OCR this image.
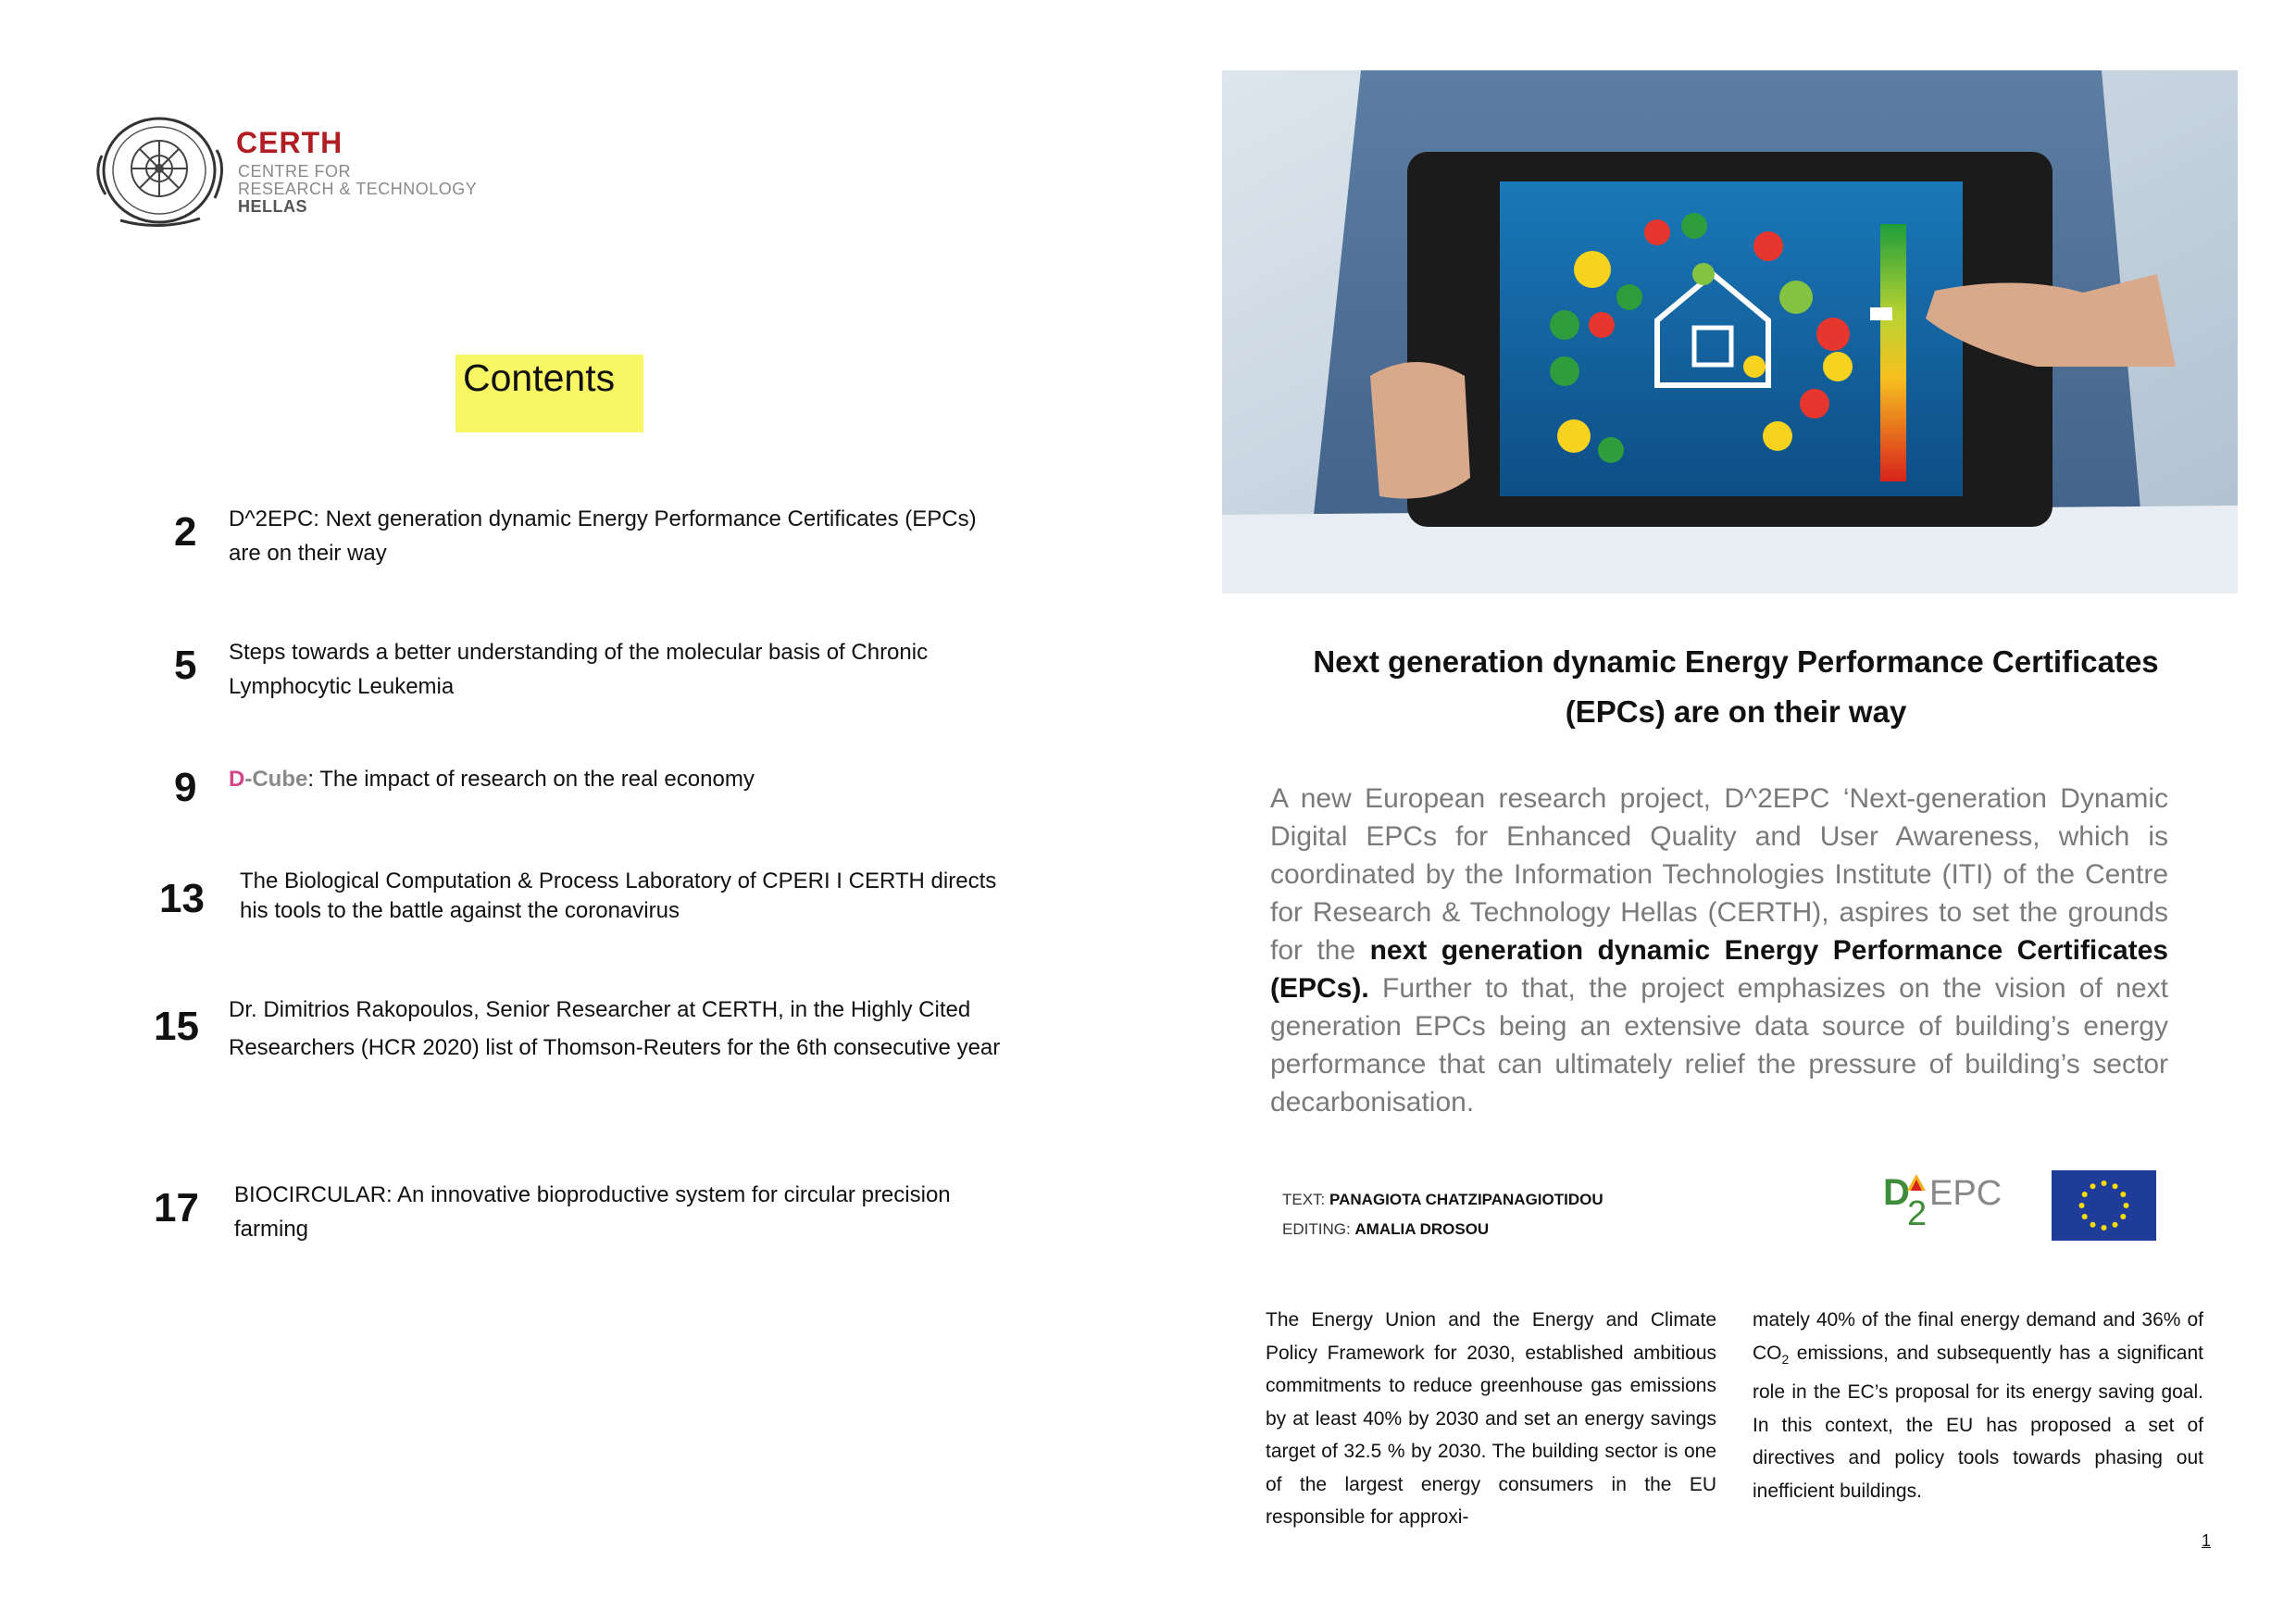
CERTH
CENTRE FOR
RESEARCH & TECHNOLOGY
HELLAS
Contents
2 D^2EPC: Next generation dynamic Energy Performance Certificates (EPCs) are on their way
5 Steps towards a better understanding of the molecular basis of Chronic Lymphocytic Leukemia
9 D-Cube: The impact of research on the real economy
13 The Biological Computation & Process Laboratory of CPERI I CERTH directs his tools to the battle against the coronavirus
15 Dr. Dimitrios Rakopoulos, Senior Researcher at CERTH, in the Highly Cited Researchers (HCR 2020) list of Thomson-Reuters for the 6th consecutive year
17 BIOCIRCULAR: An innovative bioproductive system for circular precision farming
Next generation dynamic Energy Performance Certificates
(EPCs) are on their way
A new European research project, D^2EPC ‘Next-generation Dynamic Digital EPCs for Enhanced Quality and User Awareness, which is coordinated by the Information Technologies Institute (ITI) of the Centre for Research & Technology Hellas (CERTH), aspires to set the grounds for the next generation dynamic Energy Performance Certificates (EPCs). Further to that, the project emphasizes on the vision of next generation EPCs being an extensive data source of building’s energy performance that can ultimately relief the pressure of building’s sector decarbonisation.
TEXT: PANAGIOTA CHATZIPANAGIOTIDOU
EDITING: AMALIA DROSOU
D
2
EPC
The Energy Union and the Energy and Climate Policy Framework for 2030, established ambitious commitments to reduce greenhouse gas emissions by at least 40% by 2030 and set an energy savings target of 32.5 % by 2030. The building sector is one of the largest energy consumers in the EU responsible for approxi-
mately 40% of the final energy demand and 36% of $CO_2$ emissions, and subsequently has a significant role in the EC’s proposal for its energy saving goal. In this context, the EU has proposed a set of directives and policy tools towards phasing out inefficient buildings.
1
